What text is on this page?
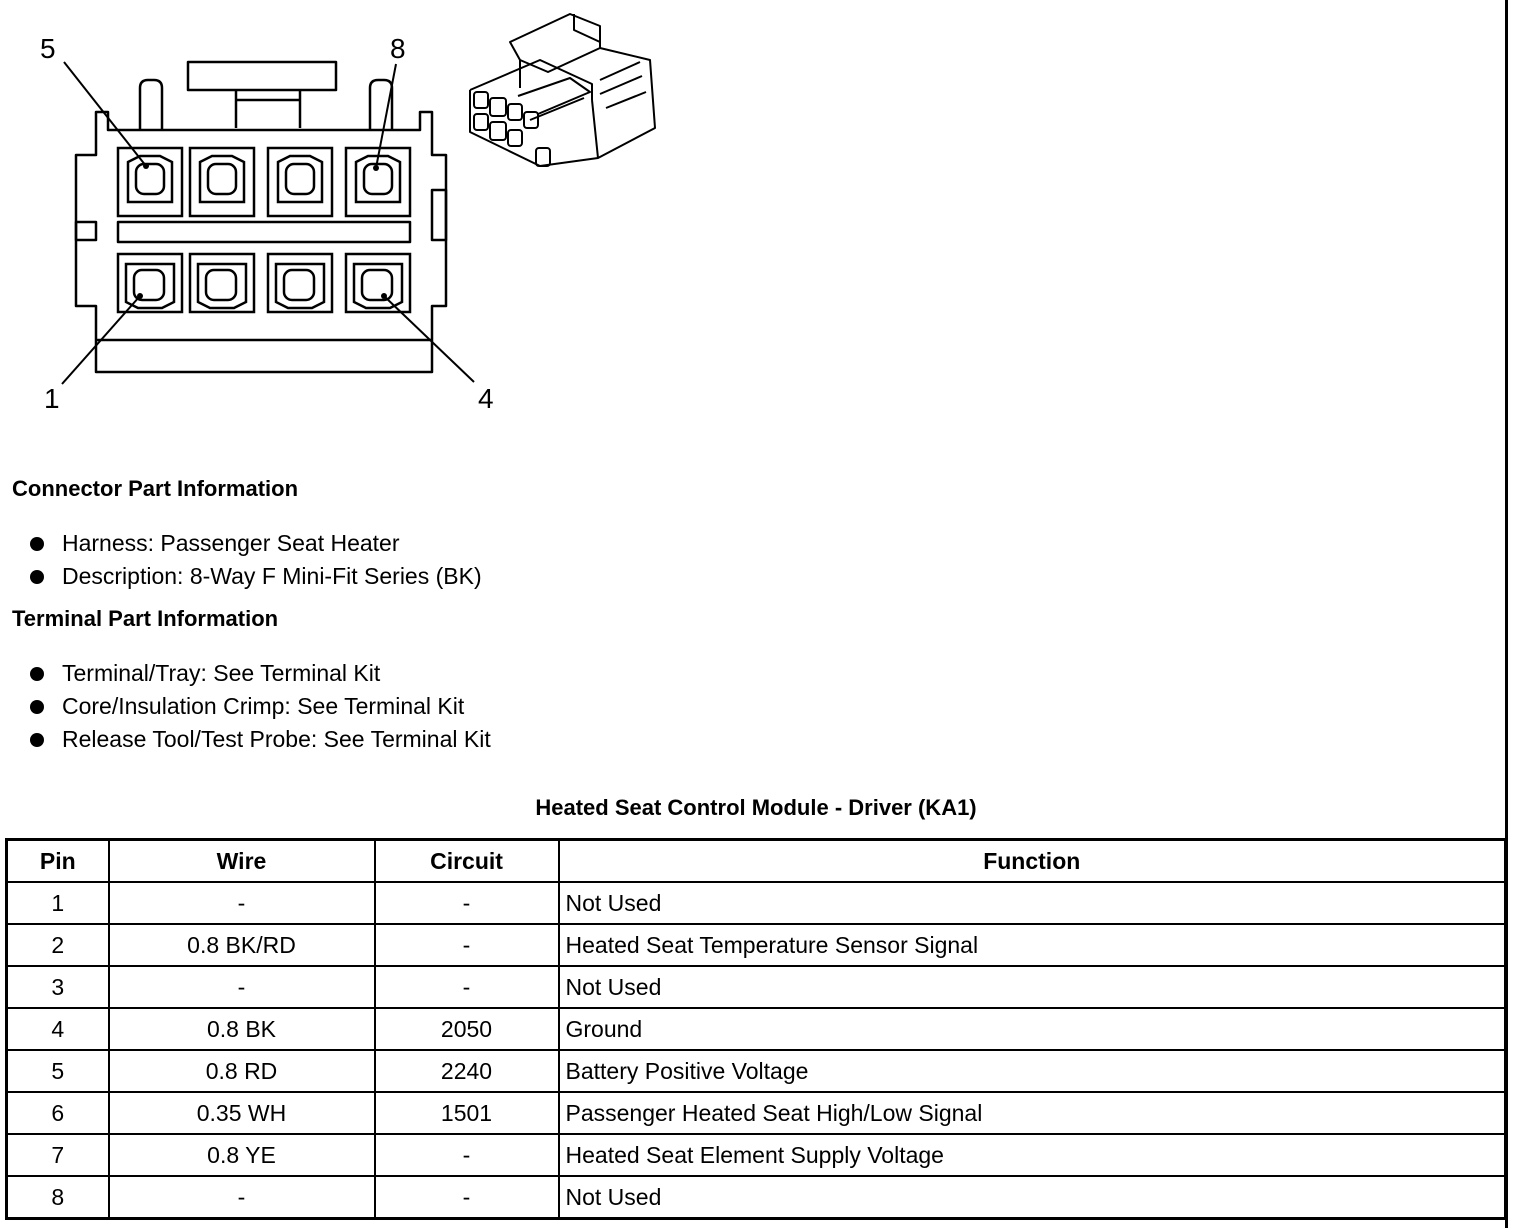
5	8
1	4
Connector Part Information
Harness: Passenger Seat Heater
Description: 8-Way F Mini-Fit Series (BK)
Terminal Part Information
Terminal/Tray: See Terminal Kit
Core/Insulation Crimp: See Terminal Kit
Release Tool/Test Probe: See Terminal Kit
Heated Seat Control Module - Driver (KA1)
Pin	Wire	Circuit	Function
1	-	-	Not Used
2	0.8 BK/RD	-	Heated Seat Temperature Sensor Signal
3	-	-	Not Used
4	0.8 BK	2050	Ground
5	0.8 RD	2240	Battery Positive Voltage
6	0.35 WH	1501	Passenger Heated Seat High/Low Signal
7	0.8 YE	-	Heated Seat Element Supply Voltage
8	-	-	Not Used
